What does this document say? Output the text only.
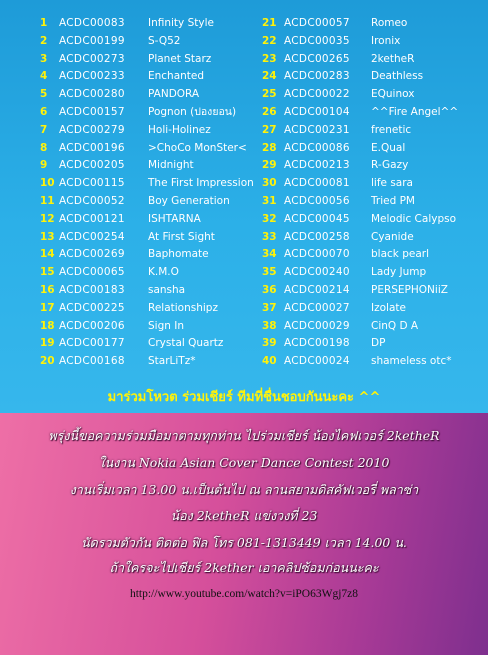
1	ACDC00083 Infinity Style
2	ACDC00199 S-Q52
3	ACDC00273 Planet Starz
4	ACDC00233 Enchanted
5	ACDC00280 PANDORA
6	ACDC00157 Pognon (ปองยอน)
7	ACDC00279 Holi-Holinez
8	ACDC00196 >ChoCo MonSter<
9	ACDC00205 Midnight
10 ACDC00115 The First Impression
11 ACDC00052 Boy Generation
12 ACDC00121 ISHTARNA
13 ACDC00254 At First Sight
14 ACDC00269 Baphomate
15 ACDC00065 K.M.O
16 ACDC00183 sansha
17 ACDC00225 Relationshipz
18 ACDC00206 Sign In
19 ACDC00177 Crystal Quartz
20 ACDC00168 StarLiTz*
21 ACDC00057 Romeo
22 ACDC00035 Ironix
23 ACDC00265 2ketheR
24 ACDC00283 Deathless
25 ACDC00022 EQuinox
26 ACDC00104 ^^Fire Angel^^
27 ACDC00231 frenetic
28 ACDC00086 E.Qual
29 ACDC00213 R-Gazy
30 ACDC00081 life sara
31 ACDC00056 Tried PM
32 ACDC00045 Melodic Calypso
33 ACDC00258 Cyanide
34 ACDC00070 black pearl
35 ACDC00240 Lady Jump
36 ACDC00214 PERSEPHONiiZ
37 ACDC00027 Izolate
38 ACDC00029 CinQ D A
39 ACDC00198 DP
40 ACDC00024 shameless otc*
มาร่วมโหวต ร่วมเชียร์ ทีมที่ชื่นชอบกันนะคะ ^^
พรุ่งนี้ขอความร่วมมือมาตามทุกท่าน ไปร่วมเชียร์ น้องไคฟเวอร์ 2ketheR
ในงาน Nokia Asian Cover Dance Contest 2010
งานเริ่มเวลา 13.00 น.เป็นต้นไป ณ ลานสยามดิสคัฟเวอรี่ พลาซ่า
น้อง 2ketheR แข่งวงที่ 23
นัดรวมตัวกัน ติดต่อ ฟิล โทร 081-1313449 เวลา 14.00 น.
ถ้าใครจะไปเชียร์ 2kether เอาคลิปซ้อมก่อนนะคะ
http://www.youtube.com/watch?v=iPO63Wgj7z8
